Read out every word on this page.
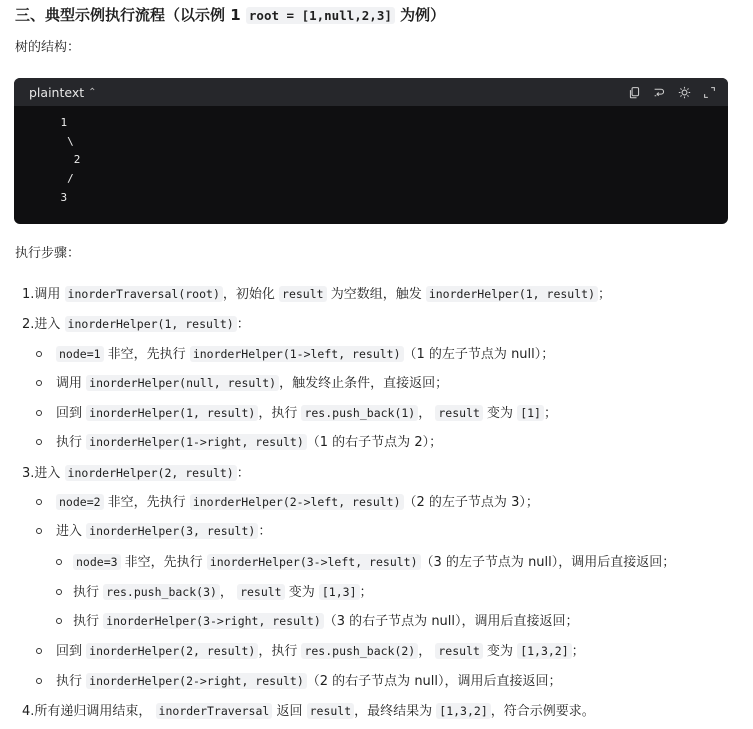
三、典型示例执行流程（以示例 1 root = [1,null,2,3] 为例）
树的结构：
plaintext ⌃
1
\
2
/
3
执行步骤：
1.调用 inorderTraversal(root) ，初始化 result 为空数组，触发 inorderHelper(1, result) ；
2.进入 inorderHelper(1, result) ：
node=1 非空，先执行 inorderHelper(1->left, result) （1 的左子节点为 null）；
调用 inorderHelper(null, result) ，触发终止条件，直接返回；
回到 inorderHelper(1, result) ，执行 res.push_back(1) ， result 变为 [1] ；
执行 inorderHelper(1->right, result) （1 的右子节点为 2）；
3.进入 inorderHelper(2, result) ：
node=2 非空，先执行 inorderHelper(2->left, result) （2 的左子节点为 3）；
进入 inorderHelper(3, result) ：
node=3 非空，先执行 inorderHelper(3->left, result) （3 的左子节点为 null），调用后直接返回；
执行 res.push_back(3) ， result 变为 [1,3] ；
执行 inorderHelper(3->right, result) （3 的右子节点为 null），调用后直接返回；
回到 inorderHelper(2, result) ，执行 res.push_back(2) ， result 变为 [1,3,2] ；
执行 inorderHelper(2->right, result) （2 的右子节点为 null），调用后直接返回；
4.所有递归调用结束， inorderTraversal 返回 result ，最终结果为 [1,3,2] ，符合示例要求。
